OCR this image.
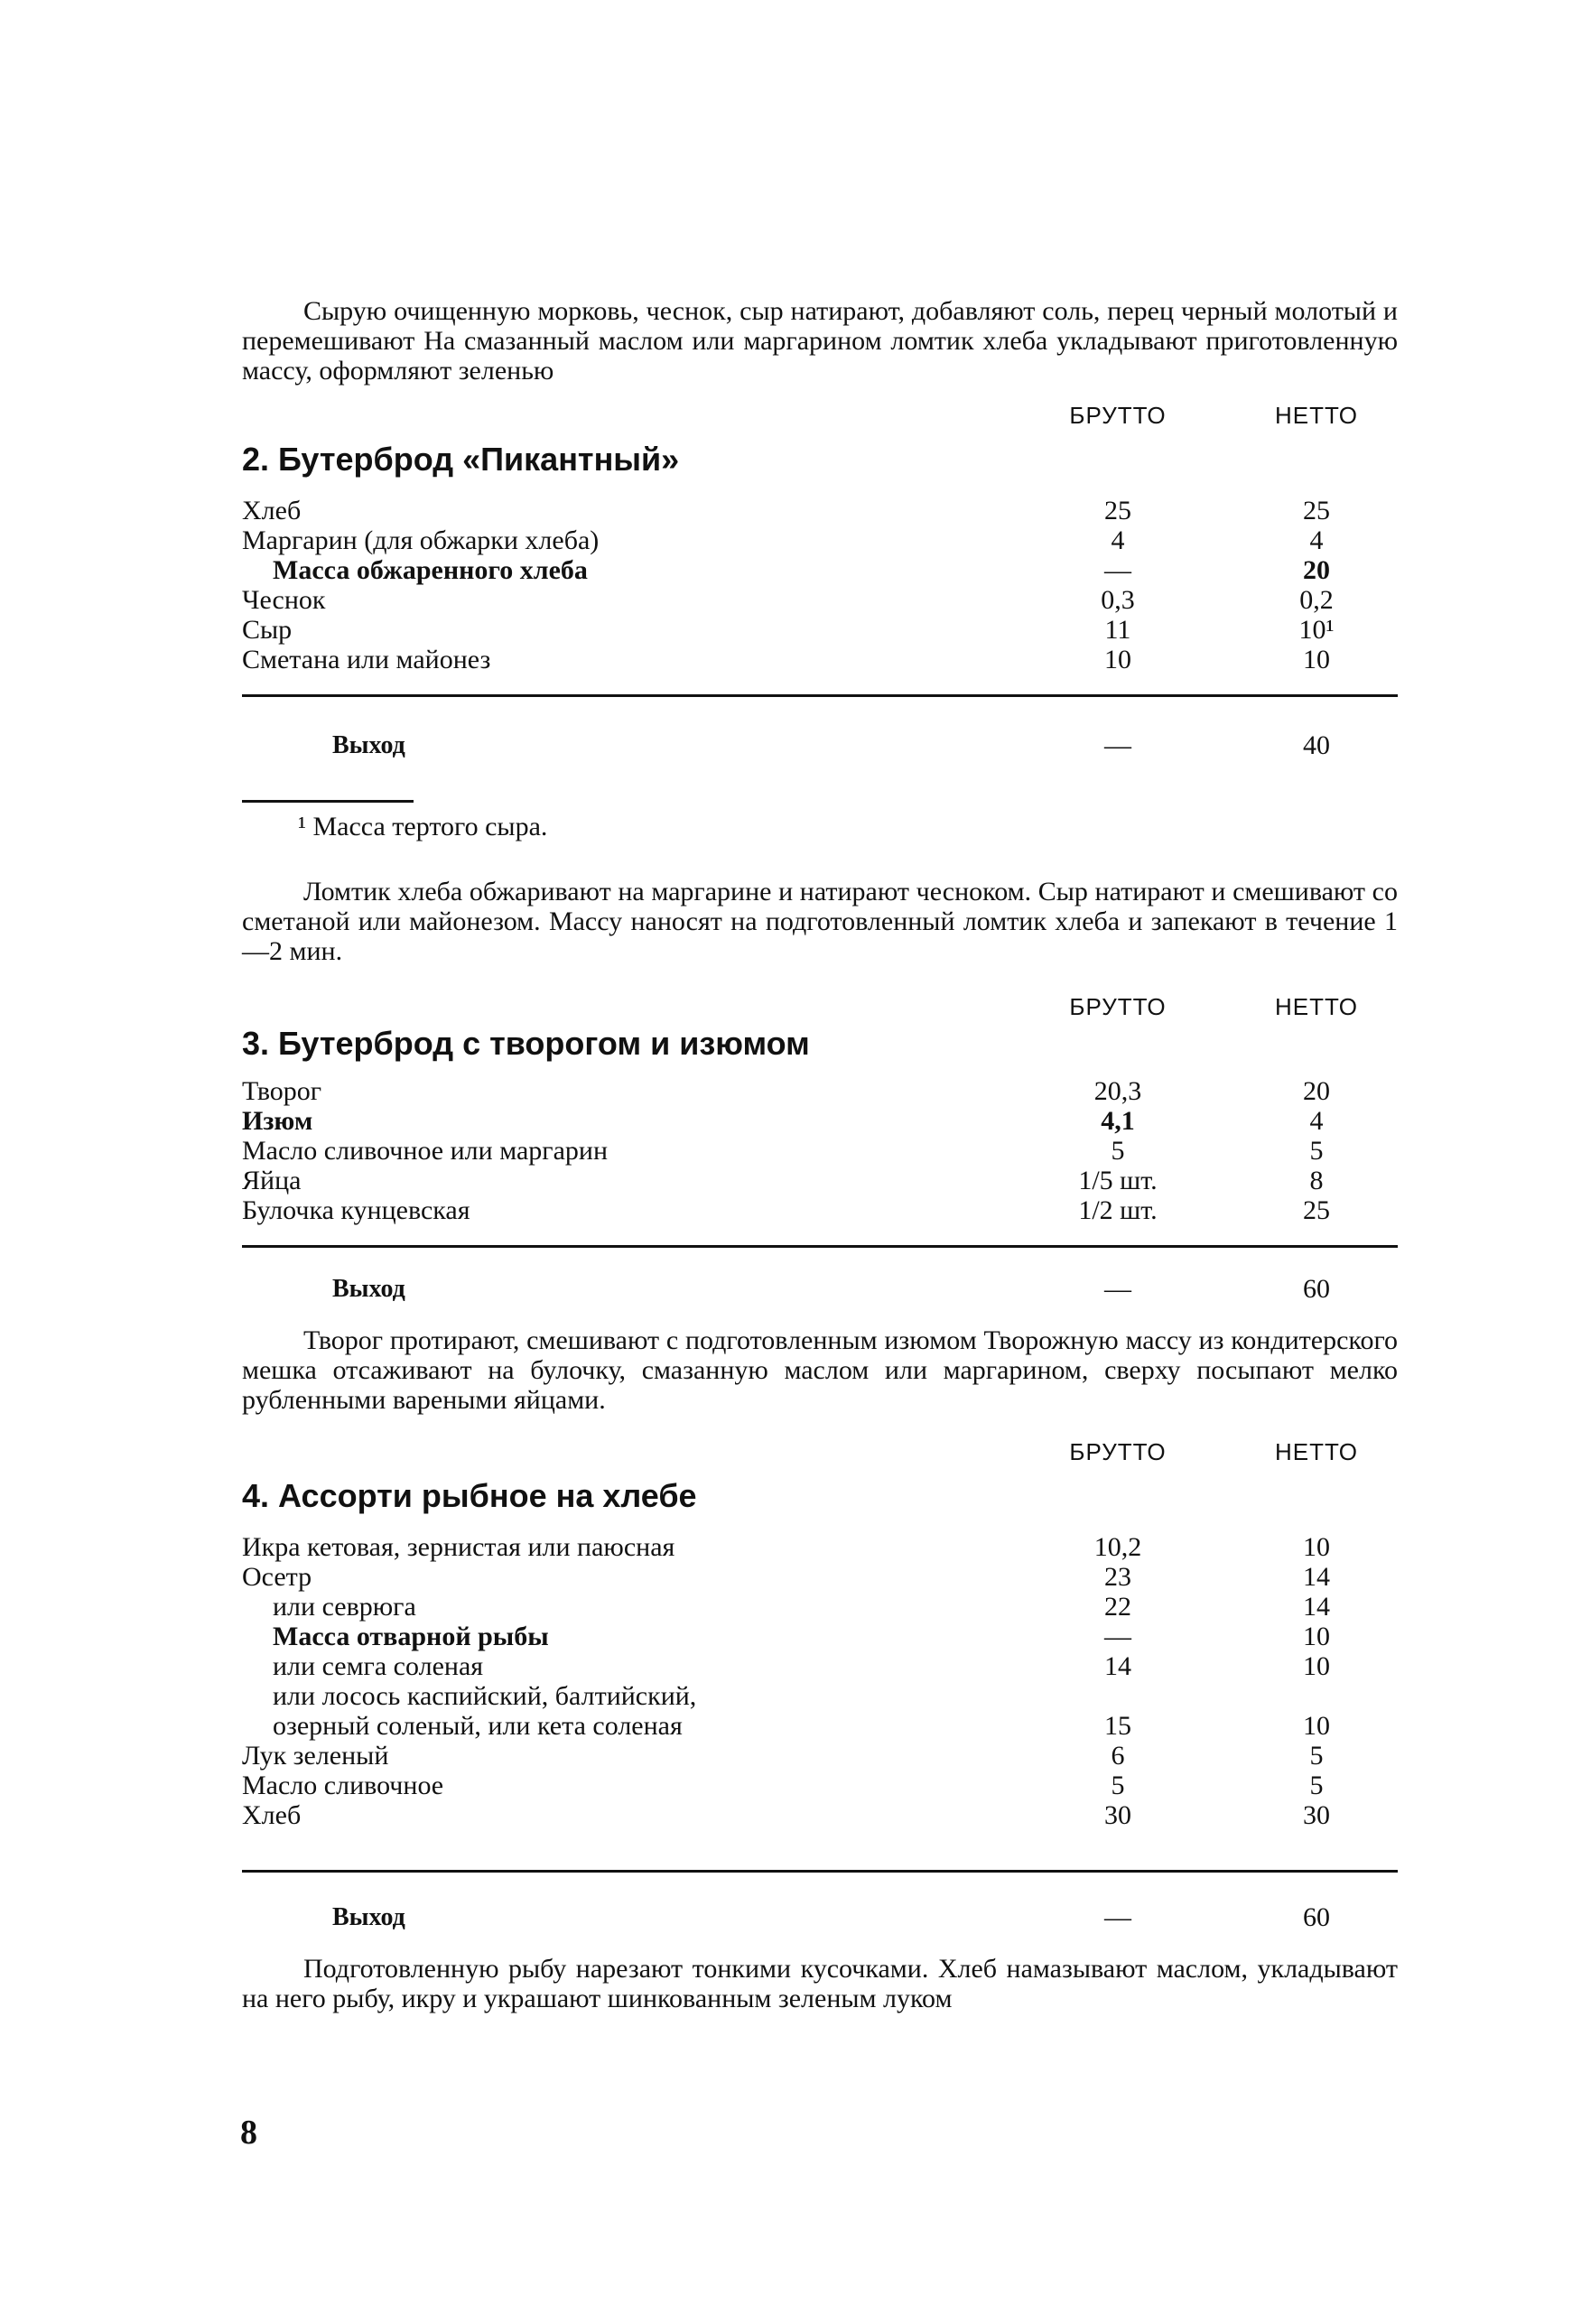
Сырую очищенную морковь, чеснок, сыр натирают, добавляют соль, перец черный молотый и перемешивают На смазанный маслом или маргарином ломтик хлеба укладывают приготовленную массу, оформляют зеленью

БРУТТО	НЕТТО
2. Бутерброд «Пикантный»
Хлеб	25	25
Маргарин (для обжарки хлеба)	4	4
Масса обжаренного хлеба	—	20
Чеснок	0,3	0,2
Сыр	11	10¹
Сметана или майонез	10	10
Выход	—	40
¹ Масса тертого сыра.

Ломтик хлеба обжаривают на маргарине и натирают чесноком. Сыр натирают и смешивают со сметаной или майонезом. Массу наносят на подготовленный ломтик хлеба и запекают в течение 1—2 мин.

БРУТТО	НЕТТО
3. Бутерброд с творогом и изюмом
Творог	20,3	20
Изюм	4,1	4
Масло сливочное или маргарин	5	5
Яйца	1/5 шт.	8
Булочка кунцевская	1/2 шт.	25
Выход	—	60

Творог протирают, смешивают с подготовленным изюмом Творожную массу из кондитерского мешка отсаживают на булочку, смазанную маслом или маргарином, сверху посыпают мелко рубленными вареными яйцами.

БРУТТО	НЕТТО
4. Ассорти рыбное на хлебе
Икра кетовая, зернистая или паюсная	10,2	10
Осетр	23	14
или севрюга	22	14
Масса отварной рыбы	—	10
или семга соленая	14	10
или лосось каспийский, балтийский,
озерный соленый, или кета соленая	15	10
Лук зеленый	6	5
Масло сливочное	5	5
Хлеб	30	30
Выход	—	60

Подготовленную рыбу нарезают тонкими кусочками. Хлеб намазывают маслом, укладывают на него рыбу, икру и украшают шинкованным зеленым луком

8
